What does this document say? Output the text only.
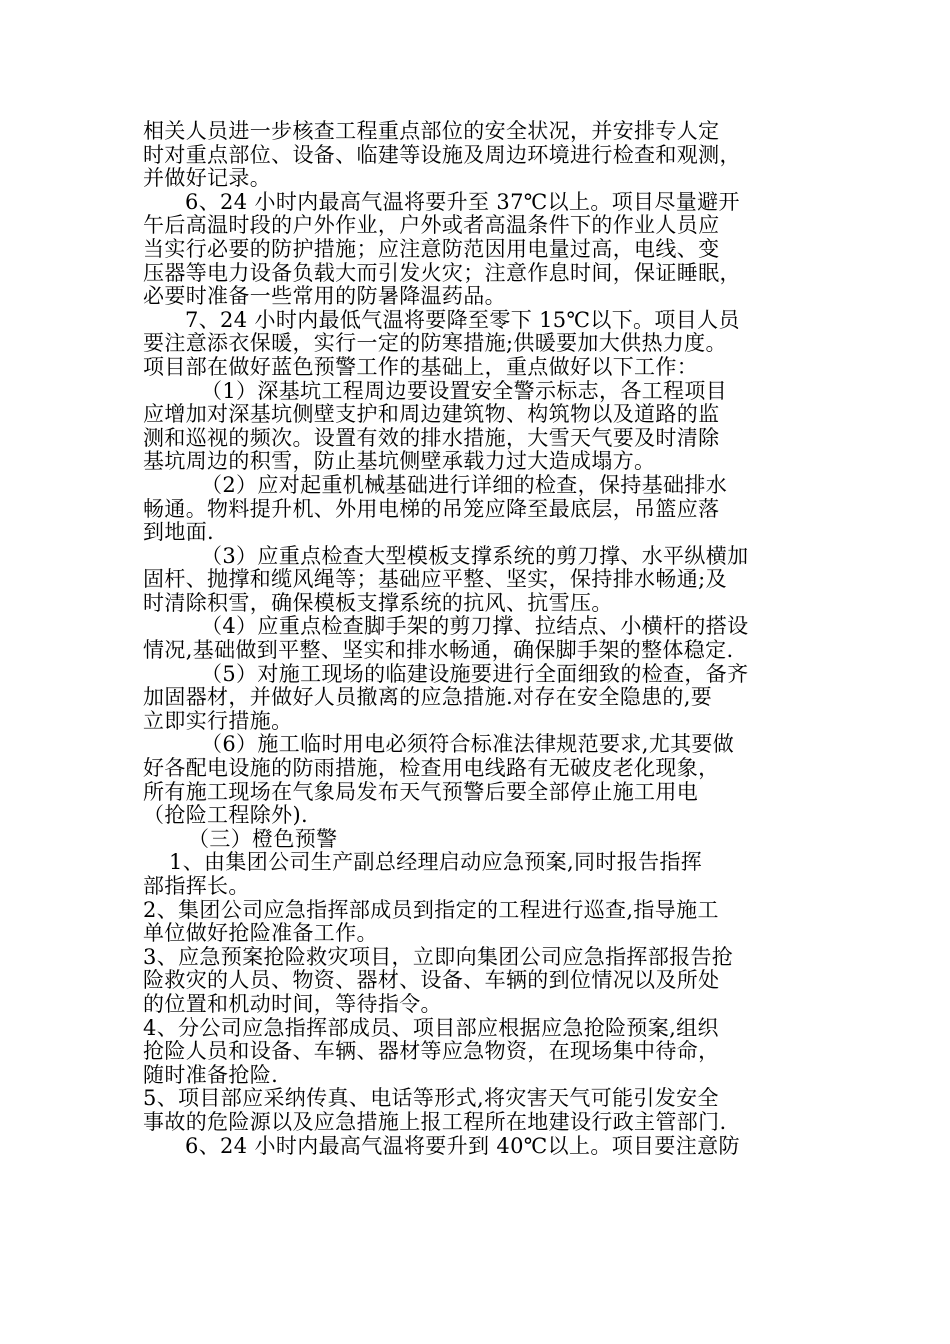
相关人员进一步核查工程重点部位的安全状况，并安排专人定
时对重点部位、设备、临建等设施及周边环境进行检查和观测，
并做好记录。
6、24 小时内最高气温将要升至 37℃以上。项目尽量避开
午后高温时段的户外作业，户外或者高温条件下的作业人员应
当实行必要的防护措施；应注意防范因用电量过高，电线、变
压器等电力设备负载大而引发火灾；注意作息时间，保证睡眠，
必要时准备一些常用的防暑降温药品。
7、24 小时内最低气温将要降至零下 15℃以下。项目人员
要注意添衣保暖，实行一定的防寒措施;供暖要加大供热力度。
项目部在做好蓝色预警工作的基础上，重点做好以下工作：
（1）深基坑工程周边要设置安全警示标志，各工程项目
应增加对深基坑侧壁支护和周边建筑物、构筑物以及道路的监
测和巡视的频次。设置有效的排水措施，大雪天气要及时清除
基坑周边的积雪，防止基坑侧壁承载力过大造成塌方。
（2）应对起重机械基础进行详细的检查，保持基础排水
畅通。物料提升机、外用电梯的吊笼应降至最底层，吊篮应落
到地面.
（3）应重点检查大型模板支撑系统的剪刀撑、水平纵横加
固杆、抛撑和缆风绳等；基础应平整、坚实，保持排水畅通;及
时清除积雪，确保模板支撑系统的抗风、抗雪压。
（4）应重点检查脚手架的剪刀撑、拉结点、小横杆的搭设
情况,基础做到平整、坚实和排水畅通，确保脚手架的整体稳定.
（5）对施工现场的临建设施要进行全面细致的检查，备齐
加固器材，并做好人员撤离的应急措施.对存在安全隐患的,要
立即实行措施。
（6）施工临时用电必须符合标准法律规范要求,尤其要做
好各配电设施的防雨措施，检查用电线路有无破皮老化现象，
所有施工现场在气象局发布天气预警后要全部停止施工用电
（抢险工程除外).
（三）橙色预警
1、由集团公司生产副总经理启动应急预案,同时报告指挥
部指挥长。
2、集团公司应急指挥部成员到指定的工程进行巡查,指导施工
单位做好抢险准备工作。
3、应急预案抢险救灾项目，立即向集团公司应急指挥部报告抢
险救灾的人员、物资、器材、设备、车辆的到位情况以及所处
的位置和机动时间，等待指令。
4、分公司应急指挥部成员、项目部应根据应急抢险预案,组织
抢险人员和设备、车辆、器材等应急物资，在现场集中待命，
随时准备抢险.
5、项目部应采纳传真、电话等形式,将灾害天气可能引发安全
事故的危险源以及应急措施上报工程所在地建设行政主管部门.
6、24 小时内最高气温将要升到 40℃以上。项目要注意防
